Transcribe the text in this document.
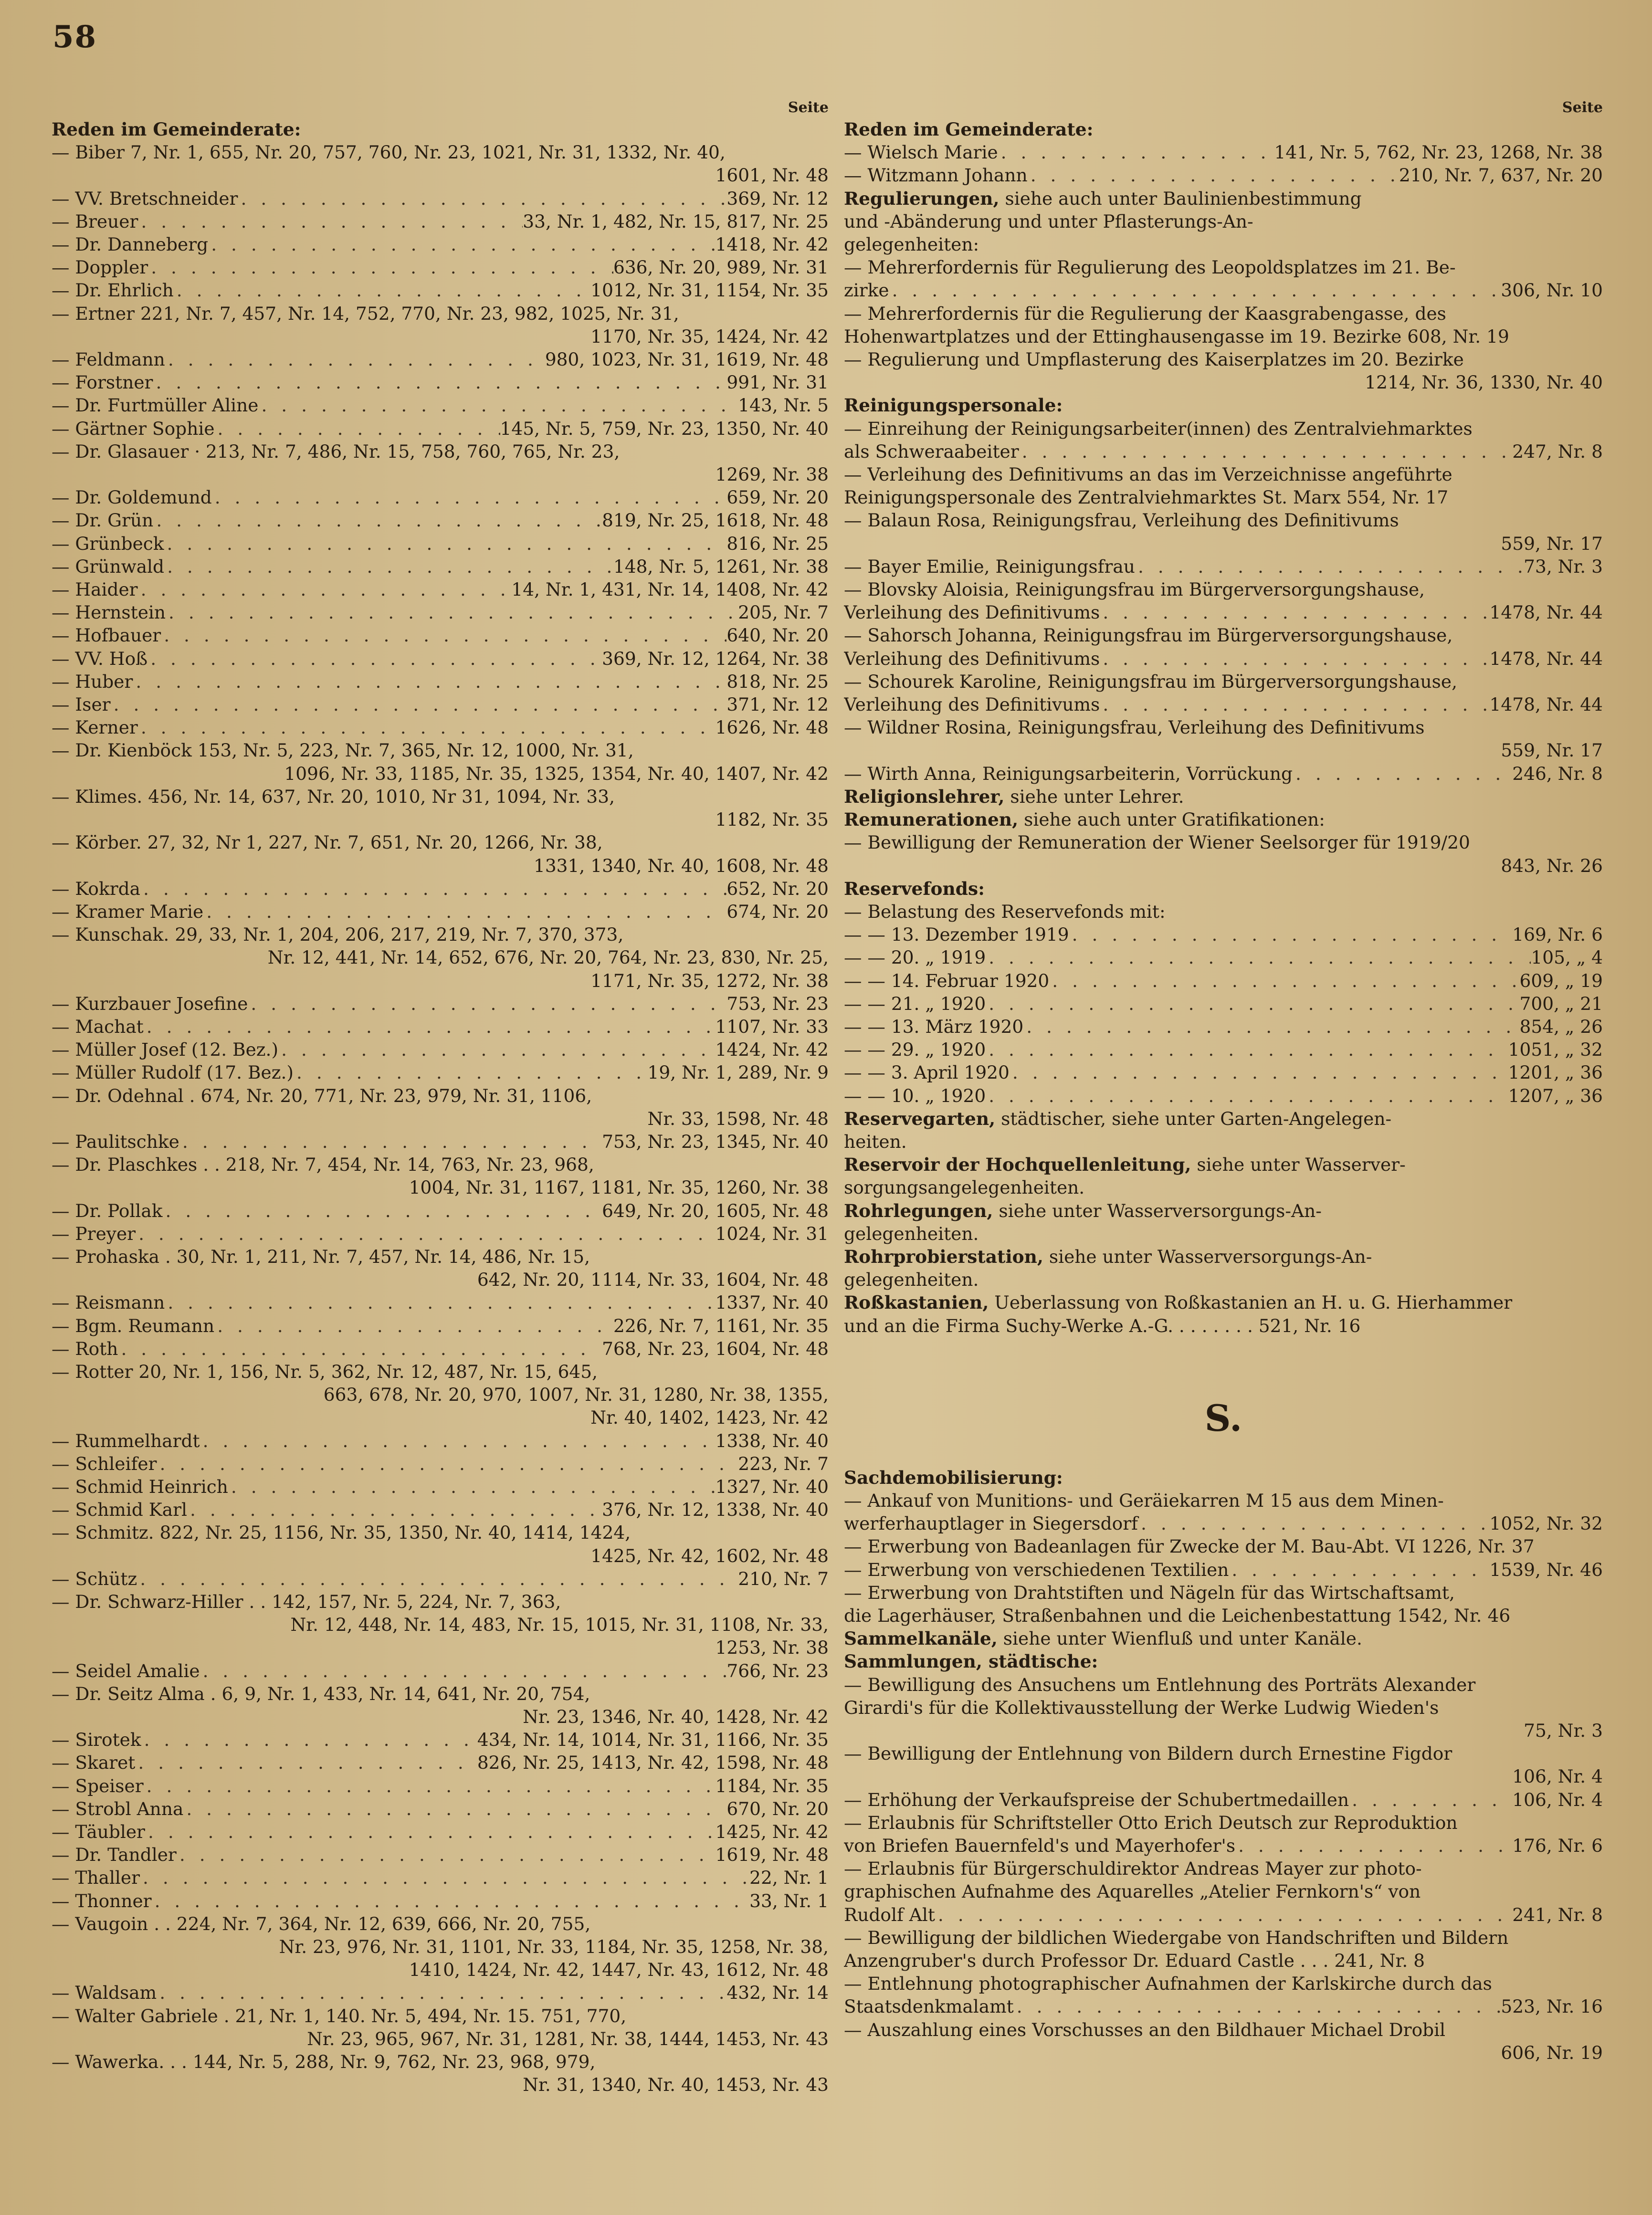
58
Seite
Reden im Gemeinderate:
— Biber 7, Nr. 1, 655, Nr. 20, 757, 760, Nr. 23, 1021, Nr. 31, 1332, Nr. 40,
1601, Nr. 48
— VV. Bretschneider . . .	369, Nr. 12
— Breuer . . .	33, Nr. 1, 482, Nr. 15, 817, Nr. 25
— Dr. Danneberg . . .	1418, Nr. 42
— Doppler . . .	636, Nr. 20, 989, Nr. 31
— Dr. Ehrlich . . .	1012, Nr. 31, 1154, Nr. 35
— Ertner 221, Nr. 7, 457, Nr. 14, 752, 770, Nr. 23, 982, 1025, Nr. 31,
1170, Nr. 35, 1424, Nr. 42
— Feldmann . . .	980, 1023, Nr. 31, 1619, Nr. 48
— Forstner . . .	991, Nr. 31
— Dr. Furtmüller Aline . . .	143, Nr. 5
— Gärtner Sophie . . .	145, Nr. 5, 759, Nr. 23, 1350, Nr. 40
— Dr. Glasauer · 213, Nr. 7, 486, Nr. 15, 758, 760, 765, Nr. 23,
1269, Nr. 38
— Dr. Goldemund . . .	659, Nr. 20
— Dr. Grün . . .	819, Nr. 25, 1618, Nr. 48
— Grünbeck . . .	816, Nr. 25
— Grünwald . . .	148, Nr. 5, 1261, Nr. 38
— Haider . . .	14, Nr. 1, 431, Nr. 14, 1408, Nr. 42
— Hernstein . . .	205, Nr. 7
— Hofbauer . . .	640, Nr. 20
— VV. Hoß . . .	369, Nr. 12, 1264, Nr. 38
— Huber . . .	818, Nr. 25
— Iser . . .	371, Nr. 12
— Kerner . . .	1626, Nr. 48
— Dr. Kienböck 153, Nr. 5, 223, Nr. 7, 365, Nr. 12, 1000, Nr. 31,
1096, Nr. 33, 1185, Nr. 35, 1325, 1354, Nr. 40, 1407, Nr. 42
— Klimes. 456, Nr. 14, 637, Nr. 20, 1010, Nr 31, 1094, Nr. 33,
1182, Nr. 35
— Körber. 27, 32, Nr 1, 227, Nr. 7, 651, Nr. 20, 1266, Nr. 38,
1331, 1340, Nr. 40, 1608, Nr. 48
— Kokrda . . .	652, Nr. 20
— Kramer Marie . . .	674, Nr. 20
— Kunschak. 29, 33, Nr. 1, 204, 206, 217, 219, Nr. 7, 370, 373,
Nr. 12, 441, Nr. 14, 652, 676, Nr. 20, 764, Nr. 23, 830, Nr. 25,
1171, Nr. 35, 1272, Nr. 38
— Kurzbauer Josefine . . .	753, Nr. 23
— Machat . . .	1107, Nr. 33
— Müller Josef (12. Bez.) . . .	1424, Nr. 42
— Müller Rudolf (17. Bez.) . . .	19, Nr. 1, 289, Nr. 9
— Dr. Odehnal . 674, Nr. 20, 771, Nr. 23, 979, Nr. 31, 1106,
Nr. 33, 1598, Nr. 48
— Paulitschke . . .	753, Nr. 23, 1345, Nr. 40
— Dr. Plaschkes . . 218, Nr. 7, 454, Nr. 14, 763, Nr. 23, 968,
1004, Nr. 31, 1167, 1181, Nr. 35, 1260, Nr. 38
— Dr. Pollak . . .	649, Nr. 20, 1605, Nr. 48
— Preyer . . .	1024, Nr. 31
— Prohaska . 30, Nr. 1, 211, Nr. 7, 457, Nr. 14, 486, Nr. 15,
642, Nr. 20, 1114, Nr. 33, 1604, Nr. 48
— Reismann . . .	1337, Nr. 40
— Bgm. Reumann . . .	226, Nr. 7, 1161, Nr. 35
— Roth . . .	768, Nr. 23, 1604, Nr. 48
— Rotter 20, Nr. 1, 156, Nr. 5, 362, Nr. 12, 487, Nr. 15, 645,
663, 678, Nr. 20, 970, 1007, Nr. 31, 1280, Nr. 38, 1355,
Nr. 40, 1402, 1423, Nr. 42
— Rummelhardt . . .	1338, Nr. 40
— Schleifer . . .	223, Nr. 7
— Schmid Heinrich . . .	1327, Nr. 40
— Schmid Karl . . .	376, Nr. 12, 1338, Nr. 40
— Schmitz. 822, Nr. 25, 1156, Nr. 35, 1350, Nr. 40, 1414, 1424,
1425, Nr. 42, 1602, Nr. 48
— Schütz . . .	210, Nr. 7
— Dr. Schwarz-Hiller . . 142, 157, Nr. 5, 224, Nr. 7, 363,
Nr. 12, 448, Nr. 14, 483, Nr. 15, 1015, Nr. 31, 1108, Nr. 33,
1253, Nr. 38
— Seidel Amalie . . .	766, Nr. 23
— Dr. Seitz Alma . 6, 9, Nr. 1, 433, Nr. 14, 641, Nr. 20, 754,
Nr. 23, 1346, Nr. 40, 1428, Nr. 42
— Sirotek . . .	434, Nr. 14, 1014, Nr. 31, 1166, Nr. 35
— Skaret . . .	826, Nr. 25, 1413, Nr. 42, 1598, Nr. 48
— Speiser . . .	1184, Nr. 35
— Strobl Anna . . .	670, Nr. 20
— Täubler . . .	1425, Nr. 42
— Dr. Tandler . . .	1619, Nr. 48
— Thaller . . .	22, Nr. 1
— Thonner . . .	33, Nr. 1
— Vaugoin . . 224, Nr. 7, 364, Nr. 12, 639, 666, Nr. 20, 755,
Nr. 23, 976, Nr. 31, 1101, Nr. 33, 1184, Nr. 35, 1258, Nr. 38,
1410, 1424, Nr. 42, 1447, Nr. 43, 1612, Nr. 48
— Waldsam . . .	432, Nr. 14
— Walter Gabriele . 21, Nr. 1, 140. Nr. 5, 494, Nr. 15. 751, 770,
Nr. 23, 965, 967, Nr. 31, 1281, Nr. 38, 1444, 1453, Nr. 43
— Wawerka. . . 144, Nr. 5, 288, Nr. 9, 762, Nr. 23, 968, 979,
Nr. 31, 1340, Nr. 40, 1453, Nr. 43
Seite
Reden im Gemeinderate:
— Wielsch Marie . . .	141, Nr. 5, 762, Nr. 23, 1268, Nr. 38
— Witzmann Johann . . .	210, Nr. 7, 637, Nr. 20
Regulierungen, siehe auch unter Baulinienbestimmung
und -Abänderung und unter Pflasterungs-An-
gelegenheiten:
— Mehrerfordernis für Regulierung des Leopoldsplatzes im 21. Be-
zirke . . .	306, Nr. 10
— Mehrerfordernis für die Regulierung der Kaasgrabengasse, des
Hohenwartplatzes und der Ettinghausengasse im 19. Bezirke 608, Nr. 19
— Regulierung und Umpflasterung des Kaiserplatzes im 20. Bezirke
1214, Nr. 36, 1330, Nr. 40
Reinigungspersonale:
— Einreihung der Reinigungsarbeiter(innen) des Zentralviehmarktes
als Schweraabeiter . . .	247, Nr. 8
— Verleihung des Definitivums an das im Verzeichnisse angeführte
Reinigungspersonale des Zentralviehmarktes St. Marx 554, Nr. 17
— Balaun Rosa, Reinigungsfrau, Verleihung des Definitivums
559, Nr. 17
— Bayer Emilie, Reinigungsfrau . . .	73, Nr. 3
— Blovsky Aloisia, Reinigungsfrau im Bürgerversorgungshause,
Verleihung des Definitivums . . .	1478, Nr. 44
— Sahorsch Johanna, Reinigungsfrau im Bürgerversorgungshause,
Verleihung des Definitivums . . .	1478, Nr. 44
— Schourek Karoline, Reinigungsfrau im Bürgerversorgungshause,
Verleihung des Definitivums . . .	1478, Nr. 44
— Wildner Rosina, Reinigungsfrau, Verleihung des Definitivums
559, Nr. 17
— Wirth Anna, Reinigungsarbeiterin, Vorrückung . . .	246, Nr. 8
Religionslehrer, siehe unter Lehrer.
Remunerationen, siehe auch unter Gratifikationen:
— Bewilligung der Remuneration der Wiener Seelsorger für 1919/20
843, Nr. 26
Reservefonds:
— Belastung des Reservefonds mit:
— — 13. Dezember 1919 . . .	169, Nr. 6
— — 20. „ 1919 . . .	105, „ 4
— — 14. Februar 1920 . . .	609, „ 19
— — 21. „ 1920 . . .	700, „ 21
— — 13. März 1920 . . .	854, „ 26
— — 29. „ 1920 . . .	1051, „ 32
— — 3. April 1920 . . .	1201, „ 36
— — 10. „ 1920 . . .	1207, „ 36
Reservegarten, städtischer, siehe unter Garten-Angelegen-
heiten.
Reservoir der Hochquellenleitung, siehe unter Wasserver-
sorgungsangelegenheiten.
Rohrlegungen, siehe unter Wasserversorgungs-An-
gelegenheiten.
Rohrprobierstation, siehe unter Wasserversorgungs-An-
gelegenheiten.
Roßkastanien, Ueberlassung von Roßkastanien an H. u. G. Hierhammer
und an die Firma Suchy-Werke A.-G. . . . . . . . 521, Nr. 16
S.
Sachdemobilisierung:
— Ankauf von Munitions- und Geräiekarren M 15 aus dem Minen-
werferhauptlager in Siegersdorf . . .	1052, Nr. 32
— Erwerbung von Badeanlagen für Zwecke der M. Bau-Abt. VI 1226, Nr. 37
— Erwerbung von verschiedenen Textilien . . .	1539, Nr. 46
— Erwerbung von Drahtstiften und Nägeln für das Wirtschaftsamt,
die Lagerhäuser, Straßenbahnen und die Leichenbestattung 1542, Nr. 46
Sammelkanäle, siehe unter Wienfluß und unter Kanäle.
Sammlungen, städtische:
— Bewilligung des Ansuchens um Entlehnung des Porträts Alexander
Girardi's für die Kollektivausstellung der Werke Ludwig Wieden's
75, Nr. 3
— Bewilligung der Entlehnung von Bildern durch Ernestine Figdor
106, Nr. 4
— Erhöhung der Verkaufspreise der Schubertmedaillen . . .	106, Nr. 4
— Erlaubnis für Schriftsteller Otto Erich Deutsch zur Reproduktion
von Briefen Bauernfeld's und Mayerhofer's . . .	176, Nr. 6
— Erlaubnis für Bürgerschuldirektor Andreas Mayer zur photo-
graphischen Aufnahme des Aquarelles „Atelier Fernkorn's“ von
Rudolf Alt . . .	241, Nr. 8
— Bewilligung der bildlichen Wiedergabe von Handschriften und Bildern
Anzengruber's durch Professor Dr. Eduard Castle . . . 241, Nr. 8
— Entlehnung photographischer Aufnahmen der Karlskirche durch das
Staatsdenkmalamt . . .	523, Nr. 16
— Auszahlung eines Vorschusses an den Bildhauer Michael Drobil
606, Nr. 19
